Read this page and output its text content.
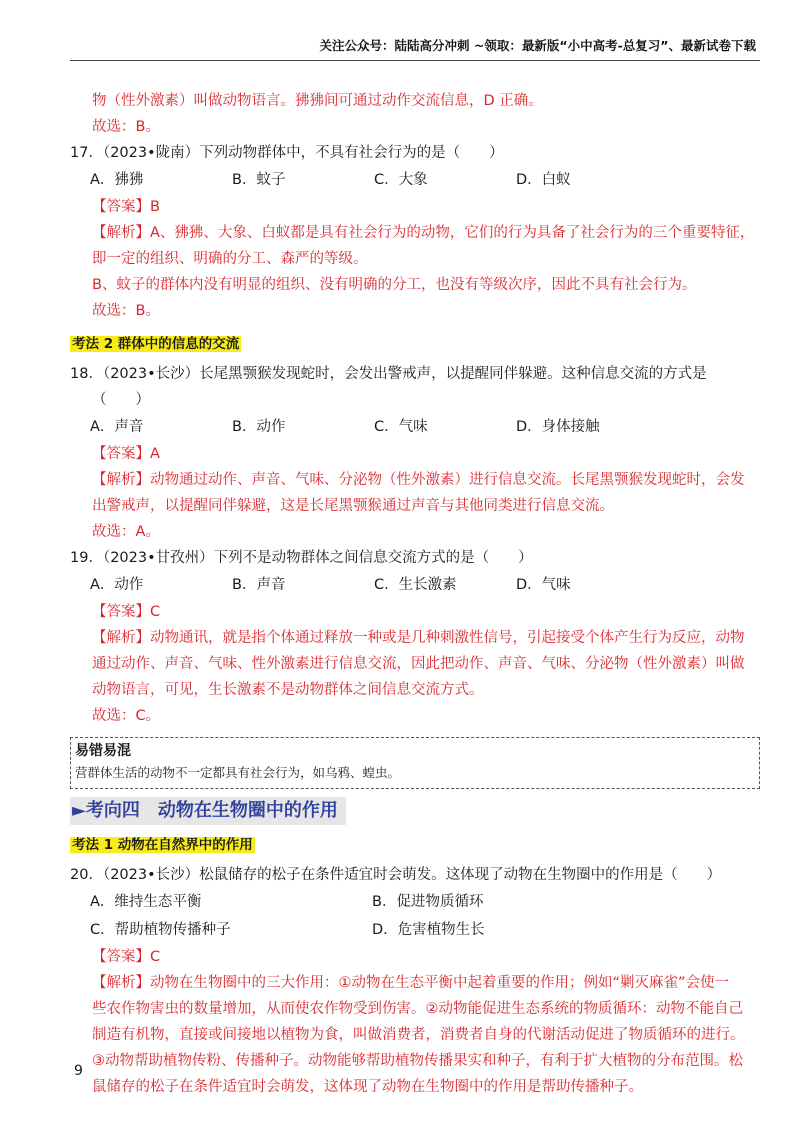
关注公众号：陆陆高分冲刺 ~领取：最新版“小中高考-总复习”、最新试卷下载
物（性外激素）叫做动物语言。狒狒间可通过动作交流信息，D 正确。
故选：B。
17．（2023•陇南）下列动物群体中，不具有社会行为的是（　　）
A．狒狒	B．蚊子	C．大象	D．白蚁
【答案】B
【解析】A、狒狒、大象、白蚁都是具有社会行为的动物，它们的行为具备了社会行为的三个重要特征，
即一定的组织、明确的分工、森严的等级。
B、蚊子的群体内没有明显的组织、没有明确的分工，也没有等级次序，因此不具有社会行为。
故选：B。
考法 2 群体中的信息的交流
18．（2023•长沙）长尾黑颚猴发现蛇时，会发出警戒声，以提醒同伴躲避。这种信息交流的方式是
（　　）
A．声音	B．动作	C．气味	D．身体接触
【答案】A
【解析】动物通过动作、声音、气味、分泌物（性外激素）进行信息交流。长尾黑颚猴发现蛇时，会发
出警戒声，以提醒同伴躲避，这是长尾黑颚猴通过声音与其他同类进行信息交流。
故选：A。
19．（2023•甘孜州）下列不是动物群体之间信息交流方式的是（　　）
A．动作	B．声音	C．生长激素	D．气味
【答案】C
【解析】动物通讯，就是指个体通过释放一种或是几种刺激性信号，引起接受个体产生行为反应，动物
通过动作、声音、气味、性外激素进行信息交流，因此把动作、声音、气味、分泌物（性外激素）叫做
动物语言，可见，生长激素不是动物群体之间信息交流方式。
故选：C。
易错易混
营群体生活的动物不一定都具有社会行为，如乌鸦、蝗虫。
►考向四　动物在生物圈中的作用
考法 1 动物在自然界中的作用
20．（2023•长沙）松鼠储存的松子在条件适宜时会萌发。这体现了动物在生物圈中的作用是（　　）
A．维持生态平衡	B．促进物质循环
C．帮助植物传播种子	D．危害植物生长
【答案】C
【解析】动物在生物圈中的三大作用：①动物在生态平衡中起着重要的作用；例如“剿灭麻雀”会使一
些农作物害虫的数量增加，从而使农作物受到伤害。②动物能促进生态系统的物质循环：动物不能自己
制造有机物，直接或间接地以植物为食，叫做消费者，消费者自身的代谢活动促进了物质循环的进行。
③动物帮助植物传粉、传播种子。动物能够帮助植物传播果实和种子，有利于扩大植物的分布范围。松
鼠储存的松子在条件适宜时会萌发，这体现了动物在生物圈中的作用是帮助传播种子。
9
